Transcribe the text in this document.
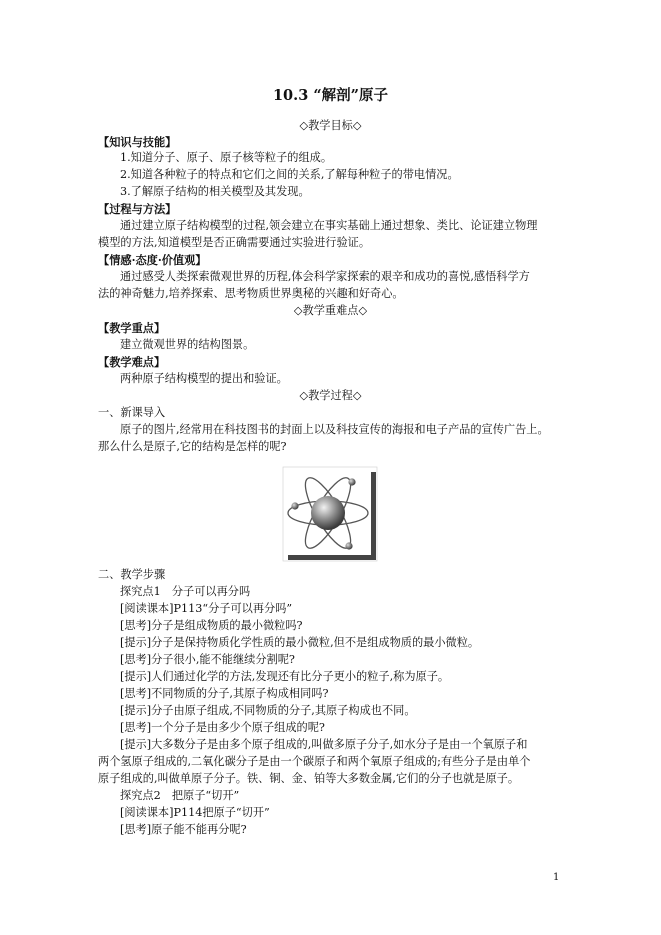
10.3 “解剖”原子
◇教学目标◇
【知识与技能】
1.知道分子、原子、原子核等粒子的组成。
2.知道各种粒子的特点和它们之间的关系,了解每种粒子的带电情况。
3.了解原子结构的相关模型及其发现。
【过程与方法】
通过建立原子结构模型的过程,领会建立在事实基础上通过想象、类比、论证建立物理
模型的方法,知道模型是否正确需要通过实验进行验证。
【情感·态度·价值观】
通过感受人类探索微观世界的历程,体会科学家探索的艰辛和成功的喜悦,感悟科学方
法的神奇魅力,培养探索、思考物质世界奥秘的兴趣和好奇心。
◇教学重难点◇
【教学重点】
建立微观世界的结构图景。
【教学难点】
两种原子结构模型的提出和验证。
◇教学过程◇
一、新课导入
原子的图片,经常用在科技图书的封面上以及科技宣传的海报和电子产品的宣传广告上。
那么什么是原子,它的结构是怎样的呢?
二、教学步骤
探究点1　分子可以再分吗
[阅读课本]P113“分子可以再分吗”
[思考]分子是组成物质的最小微粒吗?
[提示]分子是保持物质化学性质的最小微粒,但不是组成物质的最小微粒。
[思考]分子很小,能不能继续分割呢?
[提示]人们通过化学的方法,发现还有比分子更小的粒子,称为原子。
[思考]不同物质的分子,其原子构成相同吗?
[提示]分子由原子组成,不同物质的分子,其原子构成也不同。
[思考]一个分子是由多少个原子组成的呢?
[提示]大多数分子是由多个原子组成的,叫做多原子分子,如水分子是由一个氧原子和
两个氢原子组成的,二氧化碳分子是由一个碳原子和两个氧原子组成的;有些分子是由单个
原子组成的,叫做单原子分子。铁、铜、金、铂等大多数金属,它们的分子也就是原子。
探究点2　把原子“切开”
[阅读课本]P114把原子“切开”
[思考]原子能不能再分呢?
1
